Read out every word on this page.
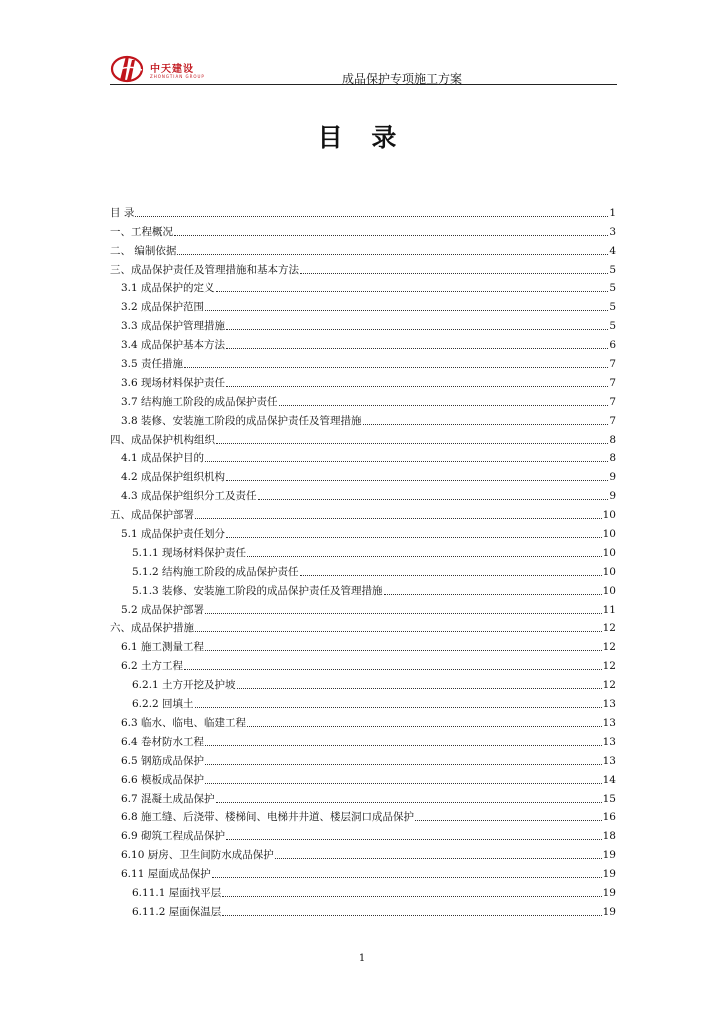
中天建设
ZHONGTIAN GROUP	成品保护专项施工方案
目 录
目 录	1
一、工程概况	3
二、 编制依据	4
三、成品保护责任及管理措施和基本方法	5
3.1 成品保护的定义	5
3.2 成品保护范围	5
3.3 成品保护管理措施	5
3.4 成品保护基本方法	6
3.5 责任措施	7
3.6 现场材料保护责任	7
3.7 结构施工阶段的成品保护责任	7
3.8 装修、安装施工阶段的成品保护责任及管理措施	7
四、成品保护机构组织	8
4.1 成品保护目的	8
4.2 成品保护组织机构	9
4.3 成品保护组织分工及责任	9
五、成品保护部署	10
5.1 成品保护责任划分	10
5.1.1 现场材料保护责任	10
5.1.2 结构施工阶段的成品保护责任	10
5.1.3 装修、安装施工阶段的成品保护责任及管理措施	10
5.2 成品保护部署	11
六、成品保护措施	12
6.1 施工测量工程	12
6.2 土方工程	12
6.2.1 土方开挖及护坡	12
6.2.2 回填土	13
6.3 临水、临电、临建工程	13
6.4 卷材防水工程	13
6.5 钢筋成品保护	13
6.6 模板成品保护	14
6.7 混凝土成品保护	15
6.8 施工缝、后浇带、楼梯间、电梯井井道、楼层洞口成品保护	16
6.9 砌筑工程成品保护	18
6.10 厨房、卫生间防水成品保护	19
6.11 屋面成品保护	19
6.11.1 屋面找平层	19
6.11.2 屋面保温层	19
1
